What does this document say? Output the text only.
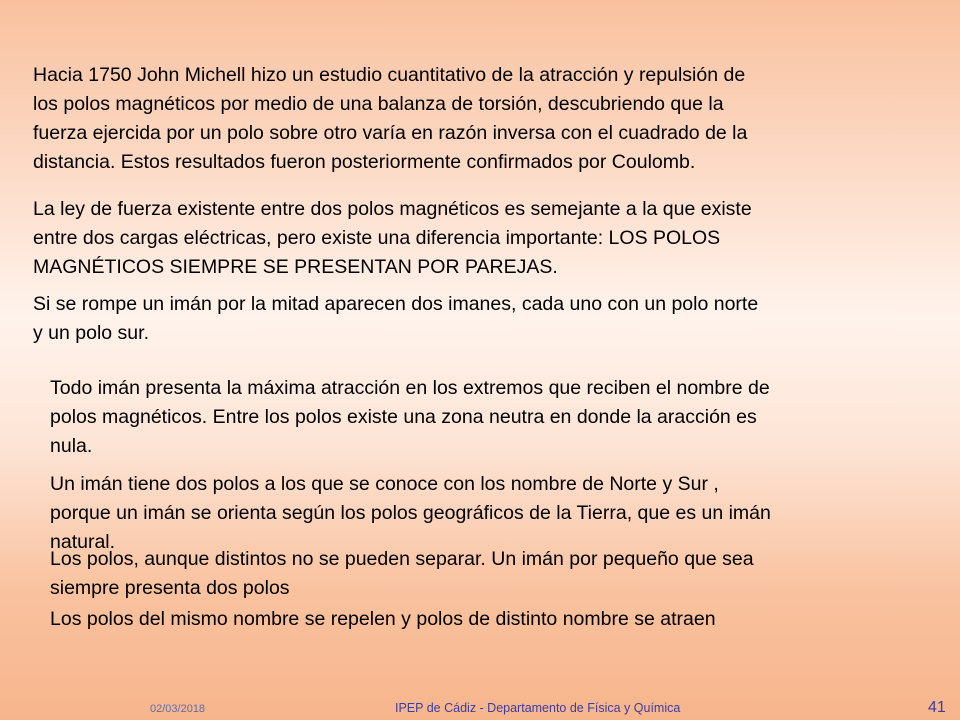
Hacia 1750 John Michell hizo un estudio cuantitativo de la atracción y repulsión de
los polos magnéticos por medio de una balanza de torsión, descubriendo que la
fuerza ejercida por un polo sobre otro varía en razón inversa con el cuadrado de la
distancia. Estos resultados fueron posteriormente confirmados por Coulomb.
La ley de fuerza existente entre dos polos magnéticos es semejante a la que existe
entre dos cargas eléctricas, pero existe una diferencia importante: LOS POLOS
MAGNÉTICOS SIEMPRE SE PRESENTAN POR PAREJAS.
Si se rompe un imán por la mitad aparecen dos imanes, cada uno con un polo norte
y un polo sur.
Todo imán presenta la máxima atracción en los extremos que reciben el nombre de
polos magnéticos. Entre los polos existe una zona neutra en donde la aracción es
nula.
Un imán tiene dos polos a los que se conoce con los nombre de Norte y Sur ,
porque un imán se orienta según los polos geográficos de la Tierra, que es un imán
natural.
Los polos, aunque distintos no se pueden separar. Un imán por pequeño que sea
siempre presenta dos polos
Los polos del mismo nombre se repelen y polos de distinto nombre se atraen
02/03/2018	IPEP de Cádiz - Departamento de Física y Química	41
